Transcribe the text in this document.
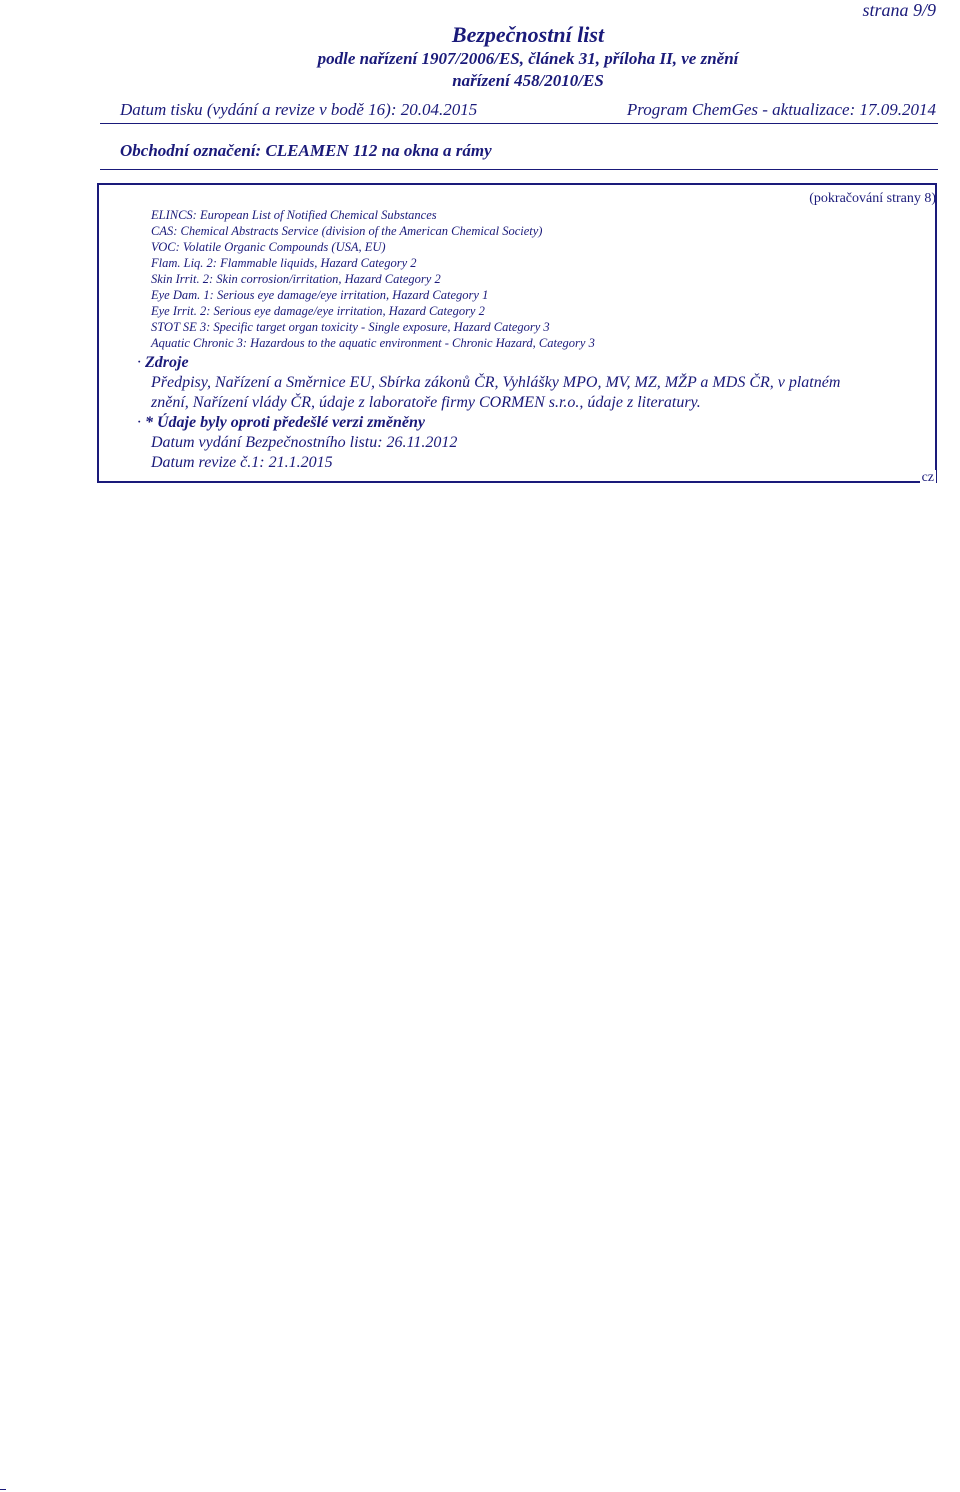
strana 9/9
Bezpečnostní list
podle nařízení 1907/2006/ES, článek 31, příloha II, ve znění
nařízení 458/2010/ES
Datum tisku (vydání a revize v bodě 16): 20.04.2015	Program ChemGes - aktualizace: 17.09.2014
Obchodní označení: CLEAMEN 112 na okna a rámy
(pokračování strany 8)
ELINCS: European List of Notified Chemical Substances
CAS: Chemical Abstracts Service (division of the American Chemical Society)
VOC: Volatile Organic Compounds (USA, EU)
Flam. Liq. 2: Flammable liquids, Hazard Category 2
Skin Irrit. 2: Skin corrosion/irritation, Hazard Category 2
Eye Dam. 1: Serious eye damage/eye irritation, Hazard Category 1
Eye Irrit. 2: Serious eye damage/eye irritation, Hazard Category 2
STOT SE 3: Specific target organ toxicity - Single exposure, Hazard Category 3
Aquatic Chronic 3: Hazardous to the aquatic environment - Chronic Hazard, Category 3
· Zdroje
Předpisy, Nařízení a Směrnice EU, Sbírka zákonů ČR, Vyhlášky MPO, MV, MZ, MŽP a MDS ČR, v platném
znění, Nařízení vlády ČR, údaje z laboratoře firmy CORMEN s.r.o., údaje z literatury.
· * Údaje byly oproti předešlé verzi změněny
Datum vydání Bezpečnostního listu: 26.11.2012
Datum revize č.1: 21.1.2015
cz
